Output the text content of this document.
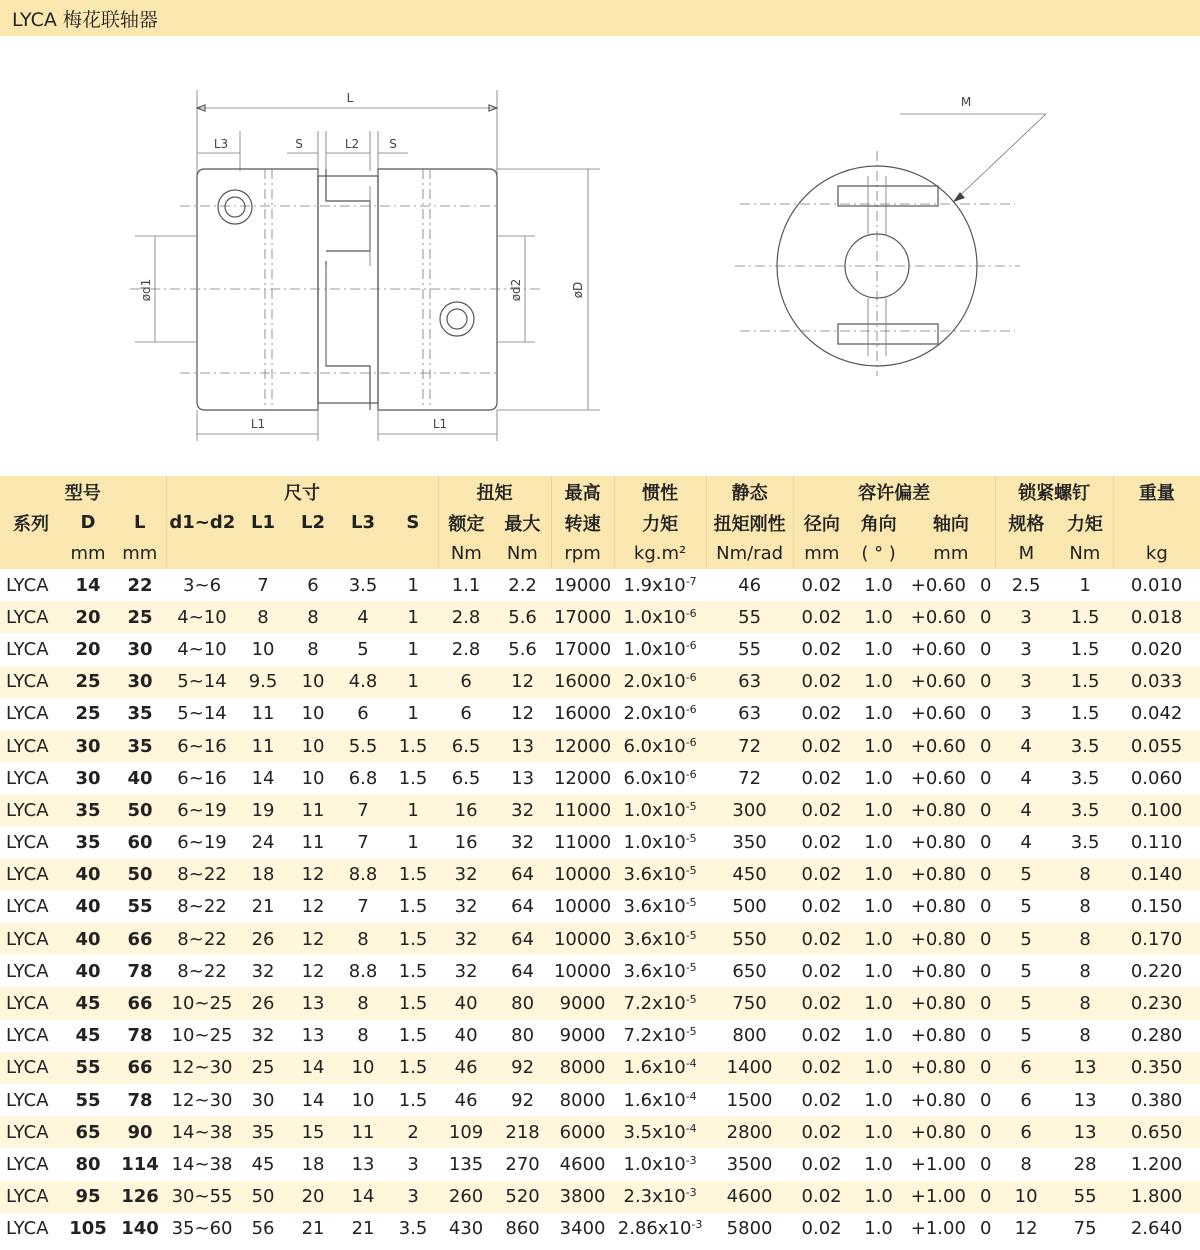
LYCA 梅花联轴器
L
L3	S	L2	S
ød1	ød2	øD
L1	L1
M
型号			尺寸					扭矩		最高	惯性	静态	容许偏差			锁紧螺钉		重量
系列	D	L	d1~d2	L1	L2	L3	S	额定	最大	转速	力矩	扭矩刚性	径向	角向	轴向	规格	力矩	
	mm	mm						Nm	Nm	rpm	kg.m²	Nm/rad	mm	( ° )	mm	M	Nm	kg
LYCA	14	22	3~6	7	6	3.5	1	1.1	2.2	19000	$1.9x10^{-7}$	46	0.02	1.0	+0.60 0	2.5	1	0.010
LYCA	20	25	4~10	8	8	4	1	2.8	5.6	17000	$1.0x10^{-6}$	55	0.02	1.0	+0.60 0	3	1.5	0.018
LYCA	20	30	4~10	10	8	5	1	2.8	5.6	17000	$1.0x10^{-6}$	55	0.02	1.0	+0.60 0	3	1.5	0.020
LYCA	25	30	5~14	9.5	10	4.8	1	6	12	16000	$2.0x10^{-6}$	63	0.02	1.0	+0.60 0	3	1.5	0.033
LYCA	25	35	5~14	11	10	6	1	6	12	16000	$2.0x10^{-6}$	63	0.02	1.0	+0.60 0	3	1.5	0.042
LYCA	30	35	6~16	11	10	5.5	1.5	6.5	13	12000	$6.0x10^{-6}$	72	0.02	1.0	+0.60 0	4	3.5	0.055
LYCA	30	40	6~16	14	10	6.8	1.5	6.5	13	12000	$6.0x10^{-6}$	72	0.02	1.0	+0.60 0	4	3.5	0.060
LYCA	35	50	6~19	19	11	7	1	16	32	11000	$1.0x10^{-5}$	300	0.02	1.0	+0.80 0	4	3.5	0.100
LYCA	35	60	6~19	24	11	7	1	16	32	11000	$1.0x10^{-5}$	350	0.02	1.0	+0.80 0	4	3.5	0.110
LYCA	40	50	8~22	18	12	8.8	1.5	32	64	10000	$3.6x10^{-5}$	450	0.02	1.0	+0.80 0	5	8	0.140
LYCA	40	55	8~22	21	12	7	1.5	32	64	10000	$3.6x10^{-5}$	500	0.02	1.0	+0.80 0	5	8	0.150
LYCA	40	66	8~22	26	12	8	1.5	32	64	10000	$3.6x10^{-5}$	550	0.02	1.0	+0.80 0	5	8	0.170
LYCA	40	78	8~22	32	12	8.8	1.5	32	64	10000	$3.6x10^{-5}$	650	0.02	1.0	+0.80 0	5	8	0.220
LYCA	45	66	10~25	26	13	8	1.5	40	80	9000	$7.2x10^{-5}$	750	0.02	1.0	+0.80 0	5	8	0.230
LYCA	45	78	10~25	32	13	8	1.5	40	80	9000	$7.2x10^{-5}$	800	0.02	1.0	+0.80 0	5	8	0.280
LYCA	55	66	12~30	25	14	10	1.5	46	92	8000	$1.6x10^{-4}$	1400	0.02	1.0	+0.80 0	6	13	0.350
LYCA	55	78	12~30	30	14	10	1.5	46	92	8000	$1.6x10^{-4}$	1500	0.02	1.0	+0.80 0	6	13	0.380
LYCA	65	90	14~38	35	15	11	2	109	218	6000	$3.5x10^{-4}$	2800	0.02	1.0	+0.80 0	6	13	0.650
LYCA	80	114	14~38	45	18	13	3	135	270	4600	$1.0x10^{-3}$	3500	0.02	1.0	+1.00 0	8	28	1.200
LYCA	95	126	30~55	50	20	14	3	260	520	3800	$2.3x10^{-3}$	4600	0.02	1.0	+1.00 0	10	55	1.800
LYCA	105	140	35~60	56	21	21	3.5	430	860	3400	$2.86x10^{-3}$	5800	0.02	1.0	+1.00 0	12	75	2.640
